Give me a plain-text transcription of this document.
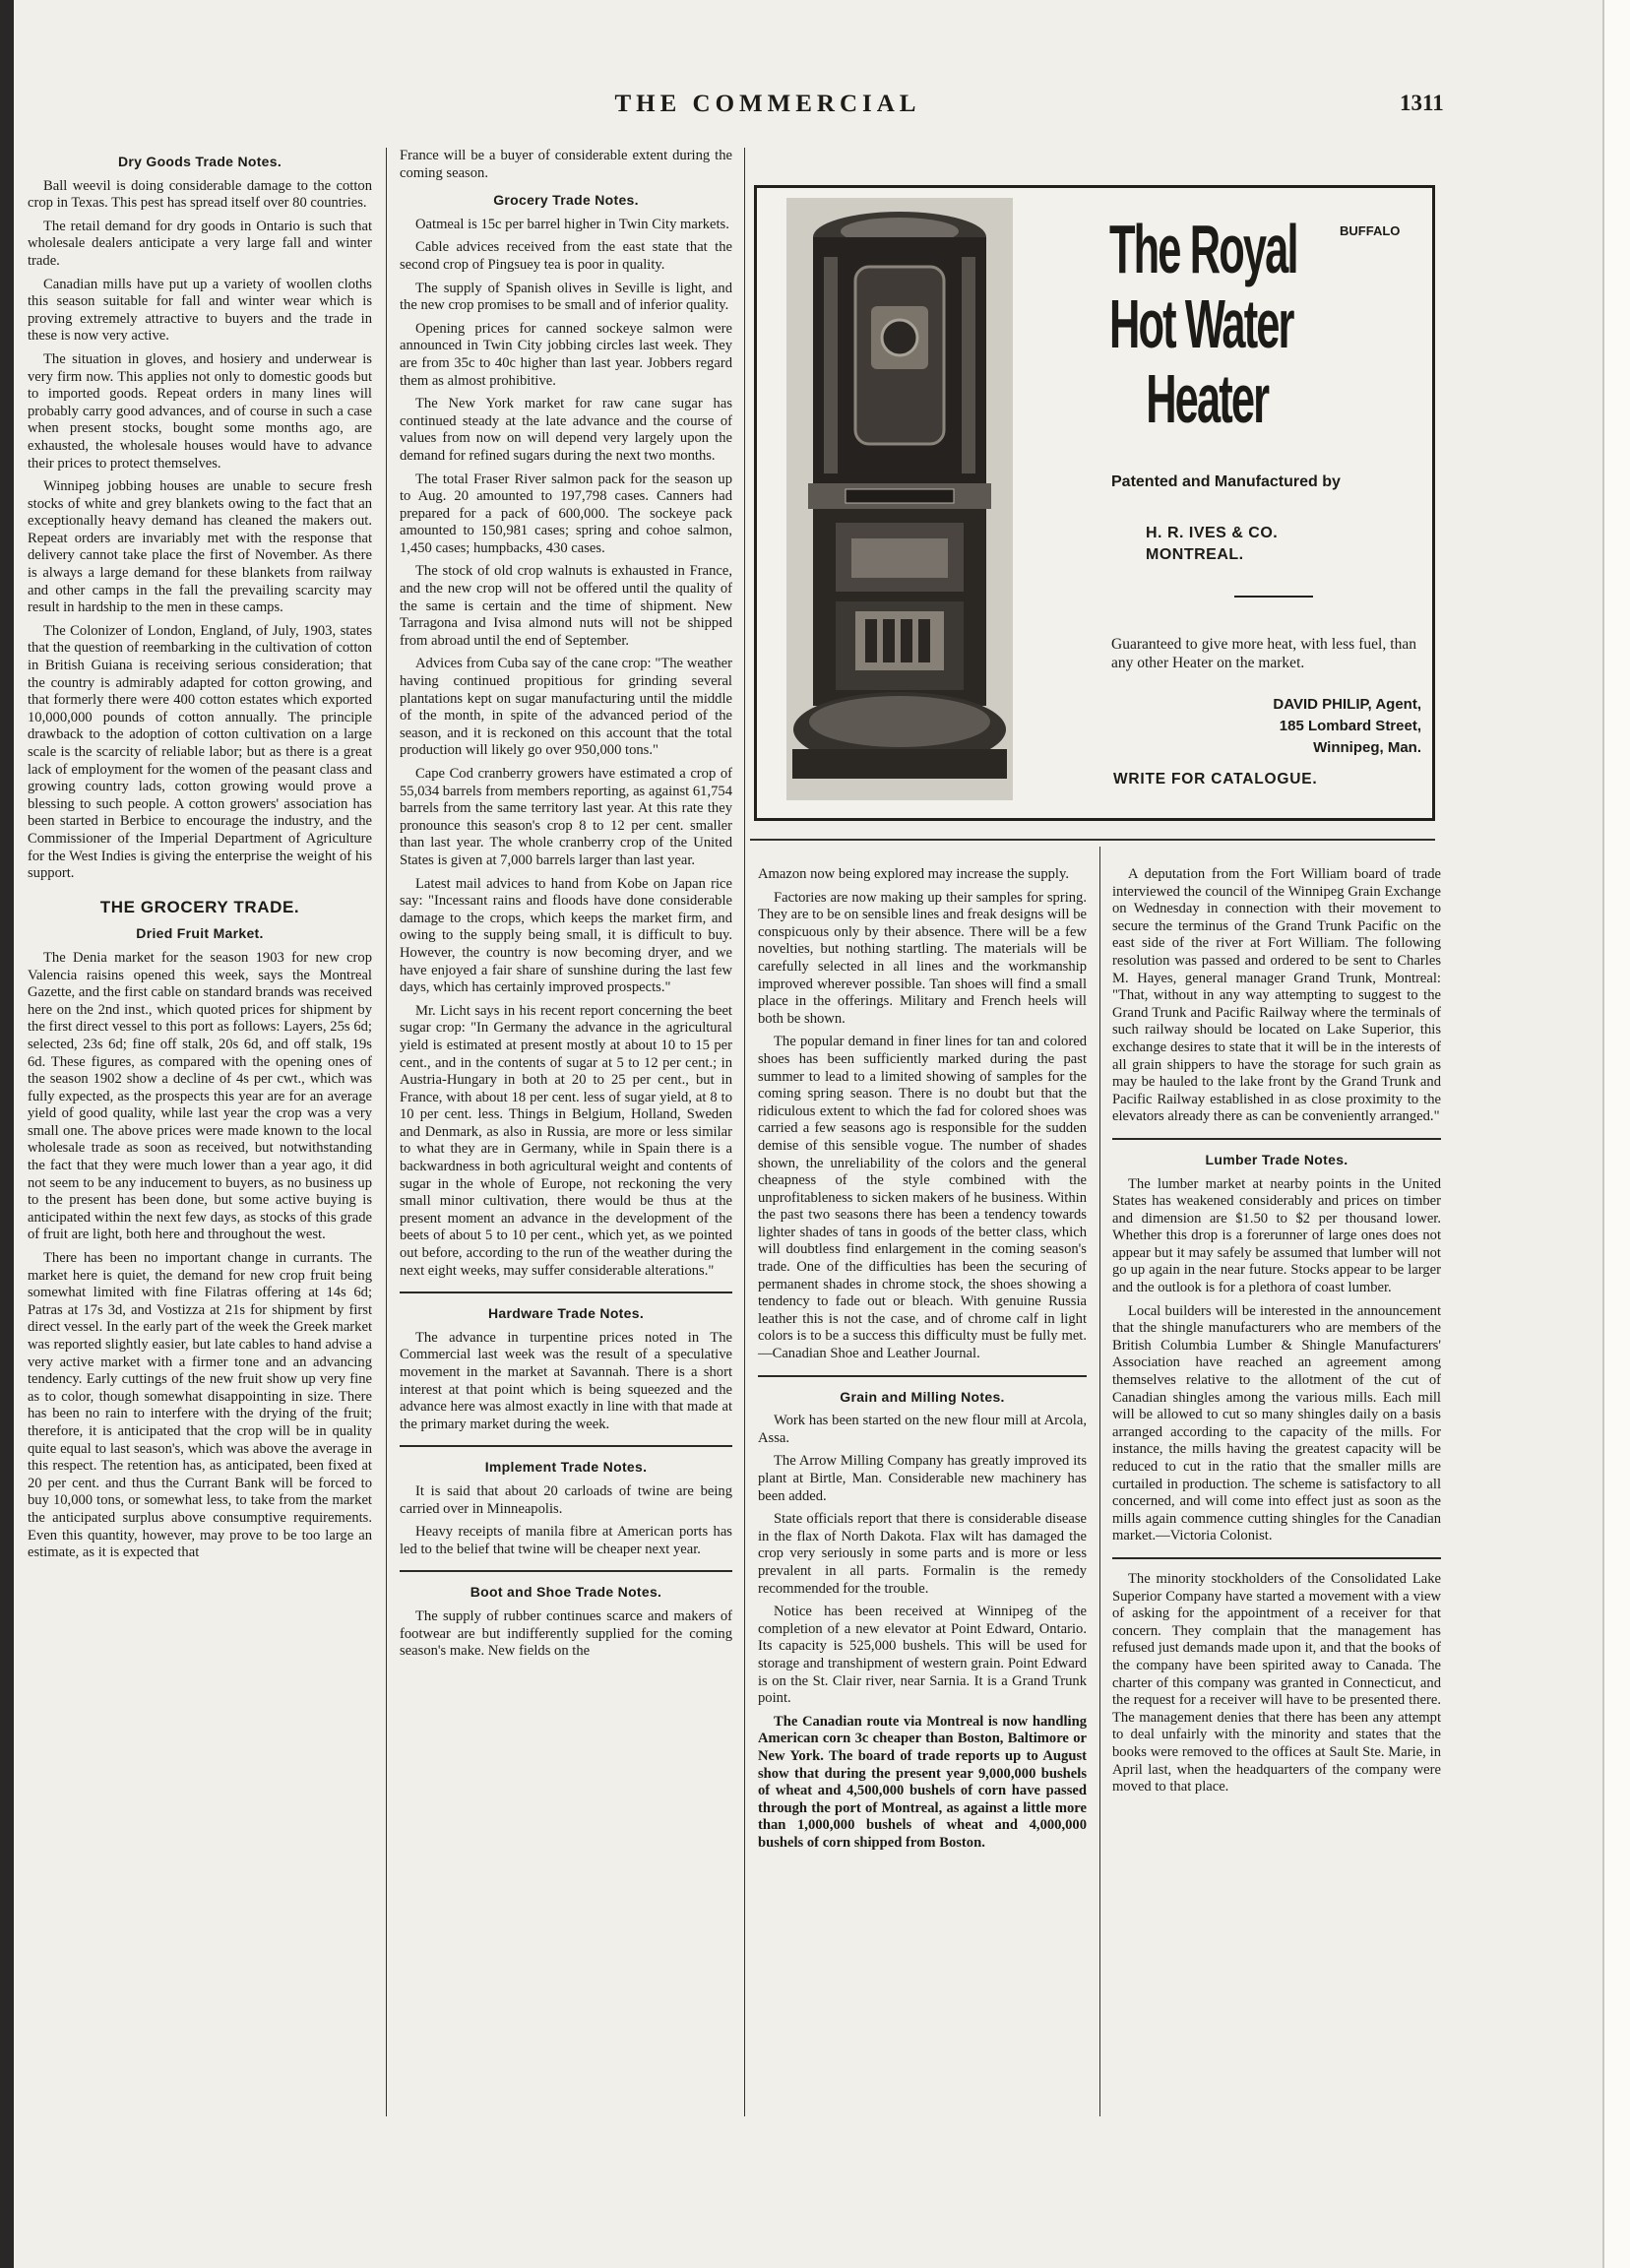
THE COMMERCIAL	1311
Dry Goods Trade Notes.

Ball weevil is doing considerable damage to the cotton crop in Texas. This pest has spread itself over 80 countries.

The retail demand for dry goods in Ontario is such that wholesale dealers anticipate a very large fall and winter trade.

Canadian mills have put up a variety of woollen cloths this season suitable for fall and winter wear which is proving extremely attractive to buyers and the trade in these is now very active.

The situation in gloves, and hosiery and underwear is very firm now. This applies not only to domestic goods but to imported goods. Repeat orders in many lines will probably carry good advances, and of course in such a case when present stocks, bought some months ago, are exhausted, the wholesale houses would have to advance their prices to protect themselves.

Winnipeg jobbing houses are unable to secure fresh stocks of white and grey blankets owing to the fact that an exceptionally heavy demand has cleaned the makers out. Repeat orders are invariably met with the response that delivery cannot take place the first of November. As there is always a large demand for these blankets from railway and other camps in the fall the prevailing scarcity may result in hardship to the men in these camps.

The Colonizer of London, England, of July, 1903, states that the question of reembarking in the cultivation of cotton in British Guiana is receiving serious consideration; that the country is admirably adapted for cotton growing, and that formerly there were 400 cotton estates which exported 10,000,000 pounds of cotton annually. The principle drawback to the adoption of cotton cultivation on a large scale is the scarcity of reliable labor; but as there is a great lack of employment for the women of the peasant class and growing country lads, cotton growing would prove a blessing to such people. A cotton growers' association has been started in Berbice to encourage the industry, and the Commissioner of the Imperial Department of Agriculture for the West Indies is giving the enterprise the weight of his support.

THE GROCERY TRADE.
Dried Fruit Market.

The Denia market for the season 1903 for new crop Valencia raisins opened this week, says the Montreal Gazette, and the first cable on standard brands was received here on the 2nd inst., which quoted prices for shipment by the first direct vessel to this port as follows: Layers, 25s 6d; selected, 23s 6d; fine off stalk, 20s 6d, and off stalk, 19s 6d. These figures, as compared with the opening ones of the season 1902 show a decline of 4s per cwt., which was fully expected, as the prospects this year are for an average yield of good quality, while last year the crop was a very small one. The above prices were made known to the local wholesale trade as soon as received, but notwithstanding the fact that they were much lower than a year ago, it did not seem to be any inducement to buyers, as no business up to the present has been done, but some active buying is anticipated within the next few days, as stocks of this grade of fruit are light, both here and throughout the west.

There has been no important change in currants. The market here is quiet, the demand for new crop fruit being somewhat limited with fine Filatras offering at 14s 6d; Patras at 17s 3d, and Vostizza at 21s for shipment by first direct vessel. In the early part of the week the Greek market was reported slightly easier, but late cables to hand advise a very active market with a firmer tone and an advancing tendency. Early cuttings of the new fruit show up very fine as to color, though somewhat disappointing in size. There has been no rain to interfere with the drying of the fruit; therefore, it is anticipated that the crop will be in quality quite equal to last season's, which was above the average in this respect. The retention has, as anticipated, been fixed at 20 per cent. and thus the Currant Bank will be forced to buy 10,000 tons, or somewhat less, to take from the market the anticipated surplus above consumptive requirements. Even this quantity, however, may prove to be too large an estimate, as it is expected that

France will be a buyer of considerable extent during the coming season.

Grocery Trade Notes.

Oatmeal is 15c per barrel higher in Twin City markets.

Cable advices received from the east state that the second crop of Pingsuey tea is poor in quality.

The supply of Spanish olives in Seville is light, and the new crop promises to be small and of inferior quality.

Opening prices for canned sockeye salmon were announced in Twin City jobbing circles last week. They are from 35c to 40c higher than last year. Jobbers regard them as almost prohibitive.

The New York market for raw cane sugar has continued steady at the late advance and the course of values from now on will depend very largely upon the demand for refined sugars during the next two months.

The total Fraser River salmon pack for the season up to Aug. 20 amounted to 197,798 cases. Canners had prepared for a pack of 600,000. The sockeye pack amounted to 150,981 cases; spring and cohoe salmon, 1,450 cases; humpbacks, 430 cases.

The stock of old crop walnuts is exhausted in France, and the new crop will not be offered until the quality of the same is certain and the time of shipment. New Tarragona and Ivisa almond nuts will not be shipped from abroad until the end of September.

Advices from Cuba say of the cane crop: "The weather having continued propitious for grinding several plantations kept on sugar manufacturing until the middle of the month, in spite of the advanced period of the season, and it is reckoned on this account that the total production will likely go over 950,000 tons."

Cape Cod cranberry growers have estimated a crop of 55,034 barrels from members reporting, as against 61,754 barrels from the same territory last year. At this rate they pronounce this season's crop 8 to 12 per cent. smaller than last year. The whole cranberry crop of the United States is given at 7,000 barrels larger than last year.

Latest mail advices to hand from Kobe on Japan rice say: "Incessant rains and floods have done considerable damage to the crops, which keeps the market firm, and owing to the supply being small, it is difficult to buy. However, the country is now becoming dryer, and we have enjoyed a fair share of sunshine during the last few days, which has certainly improved prospects."

Mr. Licht says in his recent report concerning the beet sugar crop: "In Germany the advance in the agricultural yield is estimated at present mostly at about 10 to 15 per cent., and in the contents of sugar at 5 to 12 per cent.; in Austria-Hungary in both at 20 to 25 per cent., but in France, with about 18 per cent. less of sugar yield, at 8 to 10 per cent. less. Things in Belgium, Holland, Sweden and Denmark, as also in Russia, are more or less similar to what they are in Germany, while in Spain there is a backwardness in both agricultural weight and contents of sugar in the whole of Europe, not reckoning the very small minor cultivation, there would be thus at the present moment an advance in the development of the beets of about 5 to 10 per cent., which yet, as we pointed out before, according to the run of the weather during the next eight weeks, may suffer considerable alterations."

Hardware Trade Notes.

The advance in turpentine prices noted in The Commercial last week was the result of a speculative movement in the market at Savannah. There is a short interest at that point which is being squeezed and the advance here was almost exactly in line with that made at the primary market during the week.

Implement Trade Notes.

It is said that about 20 carloads of twine are being carried over in Minneapolis.

Heavy receipts of manila fibre at American ports has led to the belief that twine will be cheaper next year.

Boot and Shoe Trade Notes.

The supply of rubber continues scarce and makers of footwear are but indifferently supplied for the coming season's make. New fields on the

The Royal
Hot Water
Heater
BUFFALO
Patented and Manufactured by
H. R. IVES & CO.
MONTREAL.
Guaranteed to give more heat, with less fuel, than any other Heater on the market.
DAVID PHILIP, Agent,
185 Lombard Street,
Winnipeg, Man.
WRITE FOR CATALOGUE.

Amazon now being explored may increase the supply.

Factories are now making up their samples for spring. They are to be on sensible lines and freak designs will be conspicuous only by their absence. There will be a few novelties, but nothing startling. The materials will be carefully selected in all lines and the workmanship improved wherever possible. Tan shoes will find a small place in the offerings. Military and French heels will both be shown.

The popular demand in finer lines for tan and colored shoes has been sufficiently marked during the past summer to lead to a limited showing of samples for the coming spring season. There is no doubt but that the ridiculous extent to which the fad for colored shoes was carried a few seasons ago is responsible for the sudden demise of this sensible vogue. The number of shades shown, the unreliability of the colors and the general cheapness of the style combined with the unprofitableness to sicken makers of he business. Within the past two seasons there has been a tendency towards lighter shades of tans in goods of the better class, which will doubtless find enlargement in the coming season's trade. One of the difficulties has been the securing of permanent shades in chrome stock, the shoes showing a tendency to fade out or bleach. With genuine Russia leather this is not the case, and of chrome calf in light colors is to be a success this difficulty must be fully met.—Canadian Shoe and Leather Journal.

Grain and Milling Notes.

Work has been started on the new flour mill at Arcola, Assa.

The Arrow Milling Company has greatly improved its plant at Birtle, Man. Considerable new machinery has been added.

State officials report that there is considerable disease in the flax of North Dakota. Flax wilt has damaged the crop very seriously in some parts and is more or less prevalent in all parts. Formalin is the remedy recommended for the trouble.

Notice has been received at Winnipeg of the completion of a new elevator at Point Edward, Ontario. Its capacity is 525,000 bushels. This will be used for storage and transhipment of western grain. Point Edward is on the St. Clair river, near Sarnia. It is a Grand Trunk point.

The Canadian route via Montreal is now handling American corn 3c cheaper than Boston, Baltimore or New York. The board of trade reports up to August show that during the present year 9,000,000 bushels of wheat and 4,500,000 bushels of corn have passed through the port of Montreal, as against a little more than 1,000,000 bushels of wheat and 4,000,000 bushels of corn shipped from Boston.

A deputation from the Fort William board of trade interviewed the council of the Winnipeg Grain Exchange on Wednesday in connection with their movement to secure the terminus of the Grand Trunk Pacific on the east side of the river at Fort William. The following resolution was passed and ordered to be sent to Charles M. Hayes, general manager Grand Trunk, Montreal: "That, without in any way attempting to suggest to the Grand Trunk and Pacific Railway where the terminals of such railway should be located on Lake Superior, this exchange desires to state that it will be in the interests of all grain shippers to have the storage for such grain as may be hauled to the lake front by the Grand Trunk and Pacific Railway established in as close proximity to the elevators already there as can be conveniently arranged."

Lumber Trade Notes.

The lumber market at nearby points in the United States has weakened considerably and prices on timber and dimension are $1.50 to $2 per thousand lower. Whether this drop is a forerunner of large ones does not appear but it may safely be assumed that lumber will not go up again in the near future. Stocks appear to be larger and the outlook is for a plethora of coast lumber.

Local builders will be interested in the announcement that the shingle manufacturers who are members of the British Columbia Lumber & Shingle Manufacturers' Association have reached an agreement among themselves relative to the allotment of the cut of Canadian shingles among the various mills. Each mill will be allowed to cut so many shingles daily on a basis arranged according to the capacity of the mills. For instance, the mills having the greatest capacity will be reduced to cut in the ratio that the smaller mills are curtailed in production. The scheme is satisfactory to all concerned, and will come into effect just as soon as the mills again commence cutting shingles for the Canadian market.—Victoria Colonist.

The minority stockholders of the Consolidated Lake Superior Company have started a movement with a view of asking for the appointment of a receiver for that concern. They complain that the management has refused just demands made upon it, and that the books of the company have been spirited away to Canada. The charter of this company was granted in Connecticut, and the request for a receiver will have to be presented there. The management denies that there has been any attempt to deal unfairly with the minority and states that the books were removed to the offices at Sault Ste. Marie, in April last, when the headquarters of the company were moved to that place.
